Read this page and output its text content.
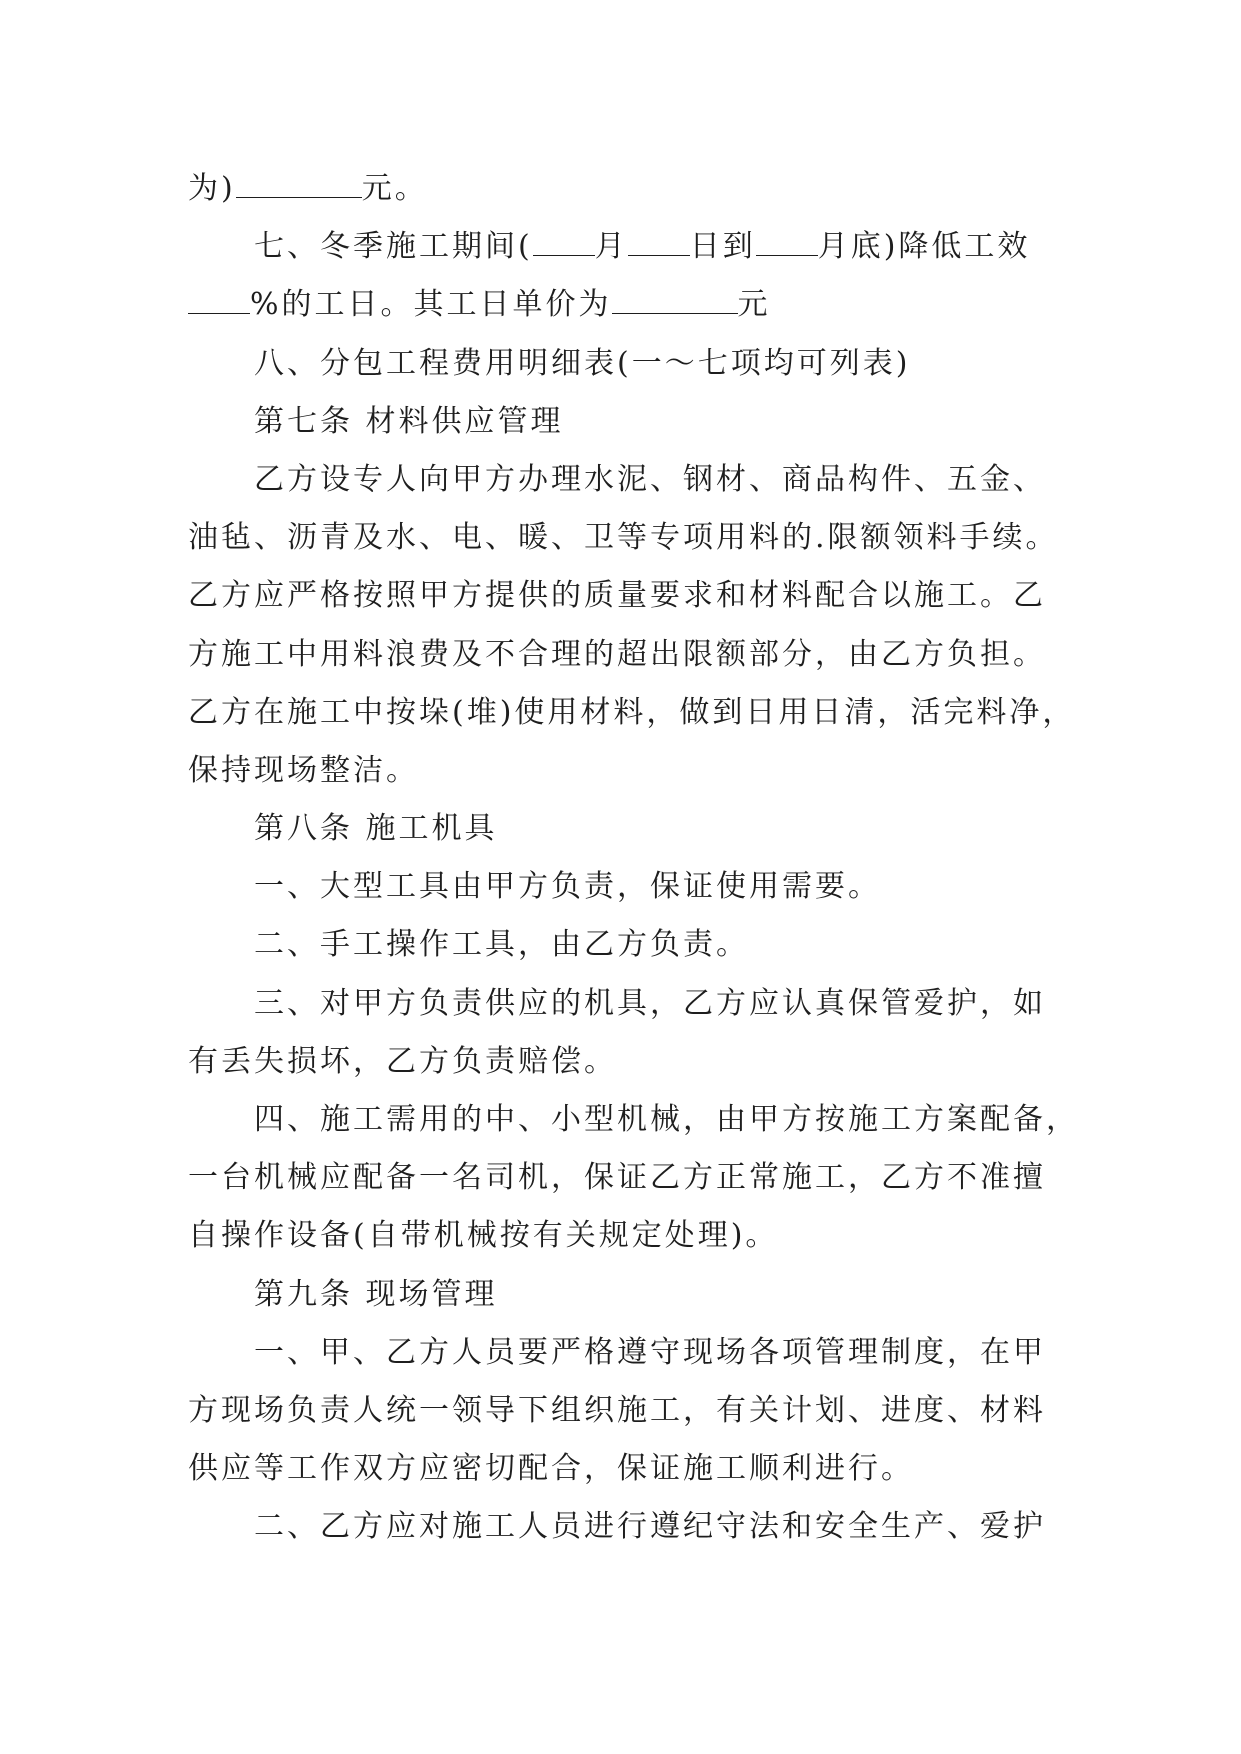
为)	元。
七、冬季施工期间( 月 日到 月底)降低工效
%的工日。其工日单价为	元
八、分包工程费用明细表(一～七项均可列表)
第七条 材料供应管理
乙方设专人向甲方办理水泥、钢材、商品构件、五金、
油毡、沥青及水、电、暖、卫等专项用料的.限额领料手续。
乙方应严格按照甲方提供的质量要求和材料配合以施工。乙
方施工中用料浪费及不合理的超出限额部分，由乙方负担。
乙方在施工中按垛(堆)使用材料，做到日用日清，活完料净，
保持现场整洁。
第八条 施工机具
一、大型工具由甲方负责，保证使用需要。
二、手工操作工具，由乙方负责。
三、对甲方负责供应的机具，乙方应认真保管爱护，如
有丢失损坏，乙方负责赔偿。
四、施工需用的中、小型机械，由甲方按施工方案配备，
一台机械应配备一名司机，保证乙方正常施工，乙方不准擅
自操作设备(自带机械按有关规定处理)。
第九条 现场管理
一、甲、乙方人员要严格遵守现场各项管理制度，在甲
方现场负责人统一领导下组织施工，有关计划、进度、材料
供应等工作双方应密切配合，保证施工顺利进行。
二、乙方应对施工人员进行遵纪守法和安全生产、爱护
